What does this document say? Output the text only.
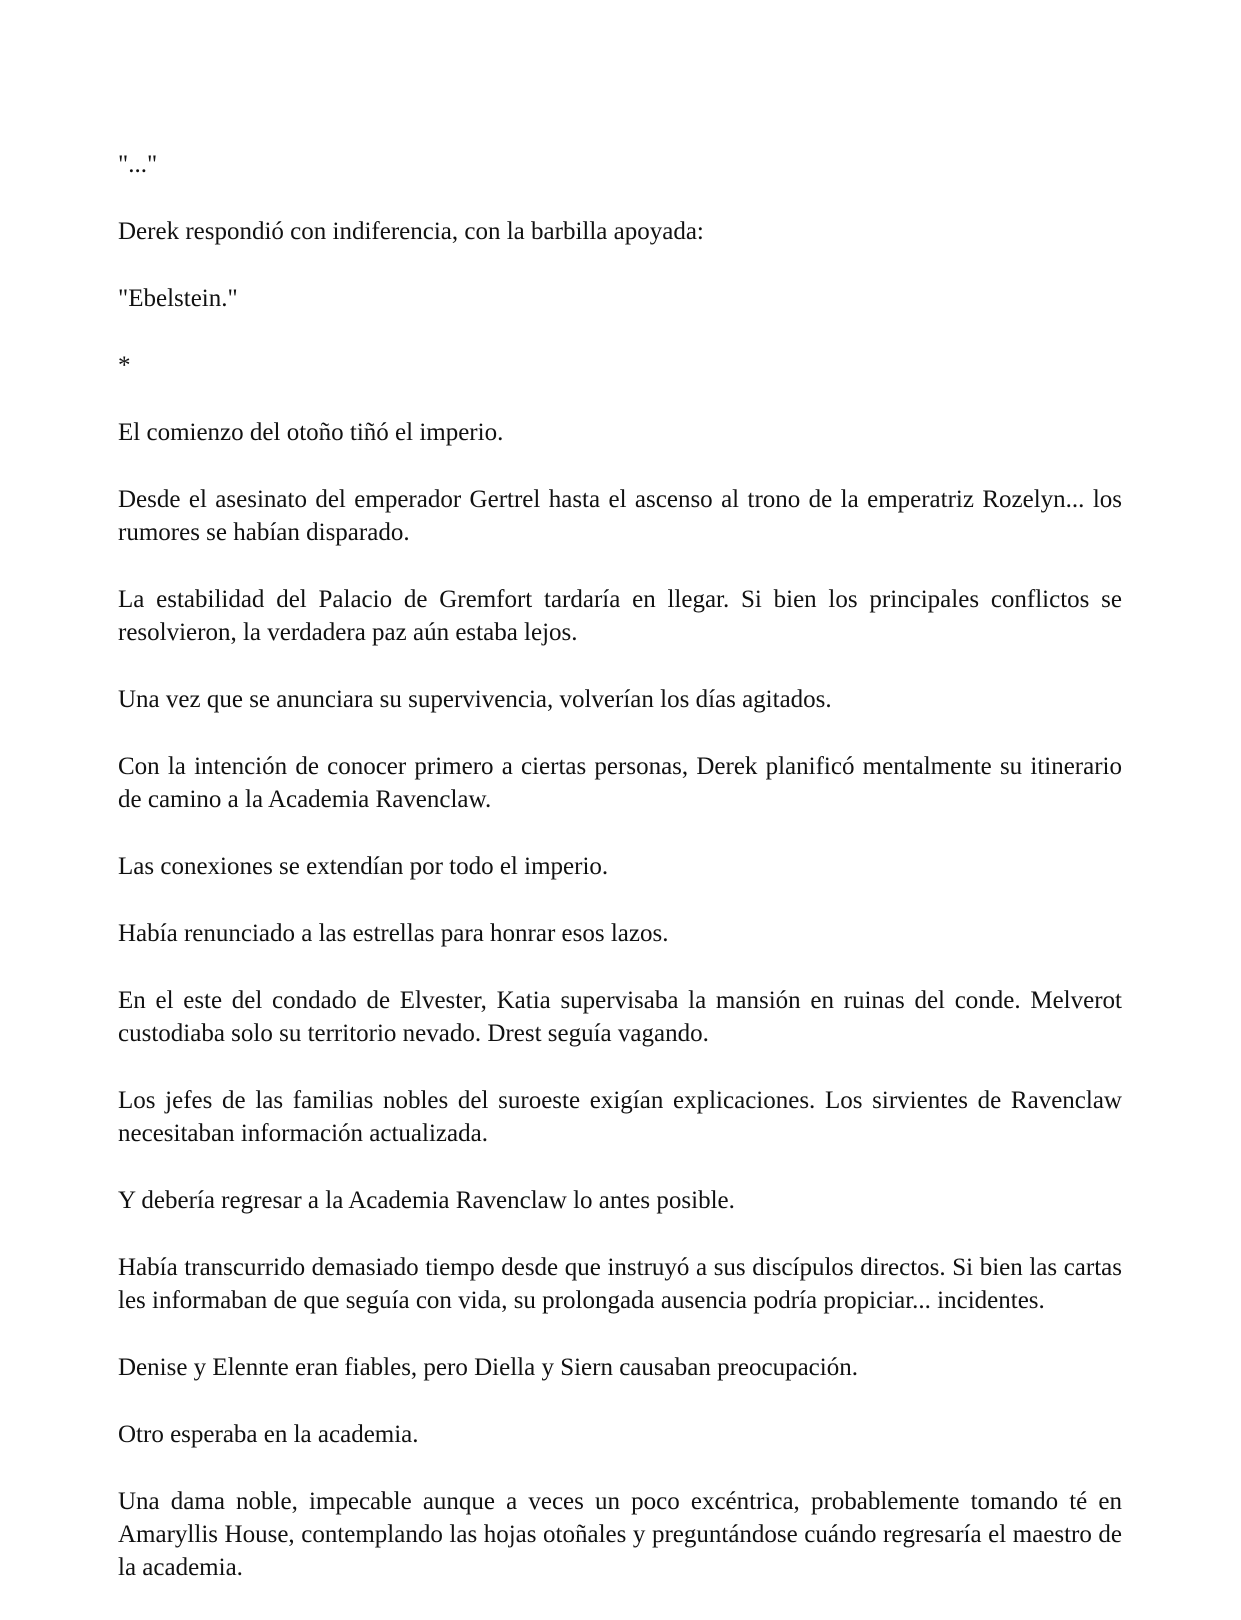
"..."

Derek respondió con indiferencia, con la barbilla apoyada:

"Ebelstein."

*

El comienzo del otoño tiñó el imperio.

Desde el asesinato del emperador Gertrel hasta el ascenso al trono de la emperatriz Rozelyn... los rumores se habían disparado.

La estabilidad del Palacio de Gremfort tardaría en llegar. Si bien los principales conflictos se resolvieron, la verdadera paz aún estaba lejos.

Una vez que se anunciara su supervivencia, volverían los días agitados.

Con la intención de conocer primero a ciertas personas, Derek planificó mentalmente su itinerario de camino a la Academia Ravenclaw.

Las conexiones se extendían por todo el imperio.

Había renunciado a las estrellas para honrar esos lazos.

En el este del condado de Elvester, Katia supervisaba la mansión en ruinas del conde. Melverot custodiaba solo su territorio nevado. Drest seguía vagando.

Los jefes de las familias nobles del suroeste exigían explicaciones. Los sirvientes de Ravenclaw necesitaban información actualizada.

Y debería regresar a la Academia Ravenclaw lo antes posible.

Había transcurrido demasiado tiempo desde que instruyó a sus discípulos directos. Si bien las cartas les informaban de que seguía con vida, su prolongada ausencia podría propiciar... incidentes.

Denise y Elennte eran fiables, pero Diella y Siern causaban preocupación.

Otro esperaba en la academia.

Una dama noble, impecable aunque a veces un poco excéntrica, probablemente tomando té en Amaryllis House, contemplando las hojas otoñales y preguntándose cuándo regresaría el maestro de la academia.
